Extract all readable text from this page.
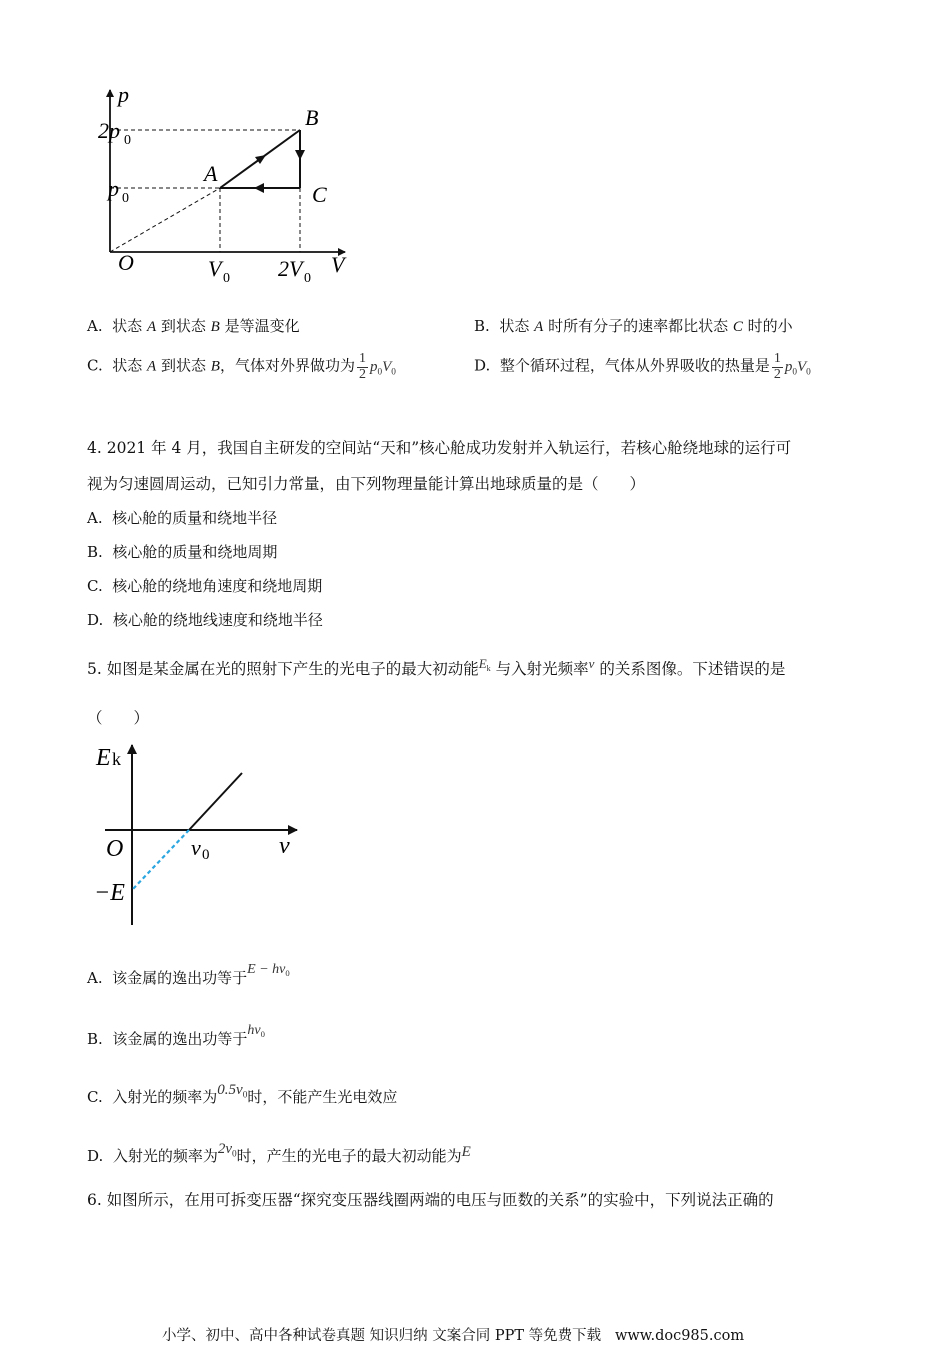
p
V
O
2p 0
p 0
V 0 2V 0
A
B
C
A. 状态 A 到状态 B 是等温变化	B. 状态 A 时所有分子的速率都比状态 C 时的小
C. 状态 A 到状态 B，气体对外界做功为 $\frac{1}{2} p_0V_0$	D. 整个循环过程，气体从外界吸收的热量是 $\frac{1}{2} p_0V_0$
4. 2021 年 4 月，我国自主研发的空间站“天和”核心舱成功发射并入轨运行，若核心舱绕地球的运行可
视为匀速圆周运动，已知引力常量，由下列物理量能计算出地球质量的是（　　）
A. 核心舱的质量和绕地半径
B. 核心舱的质量和绕地周期
C. 核心舱的绕地角速度和绕地周期
D. 核心舱的绕地线速度和绕地半径
5. 如图是某金属在光的照射下产生的光电子的最大初动能$^{E_k}$ 与入射光频率$^v$ 的关系图像。下述错误的是
（　　）
E k
v
O	v 0
−E
A. 该金属的逸出功等于$E - hv_0$
B. 该金属的逸出功等于$hv_0$
C. 入射光的频率为$0.5v_0$时，不能产生光电效应
D. 入射光的频率为$2v_0$时，产生的光电子的最大初动能为E
6. 如图所示，在用可拆变压器“探究变压器线圈两端的电压与匝数的关系”的实验中，下列说法正确的
小学、初中、高中各种试卷真题 知识归纳 文案合同 PPT 等免费下载 www.doc985.com
